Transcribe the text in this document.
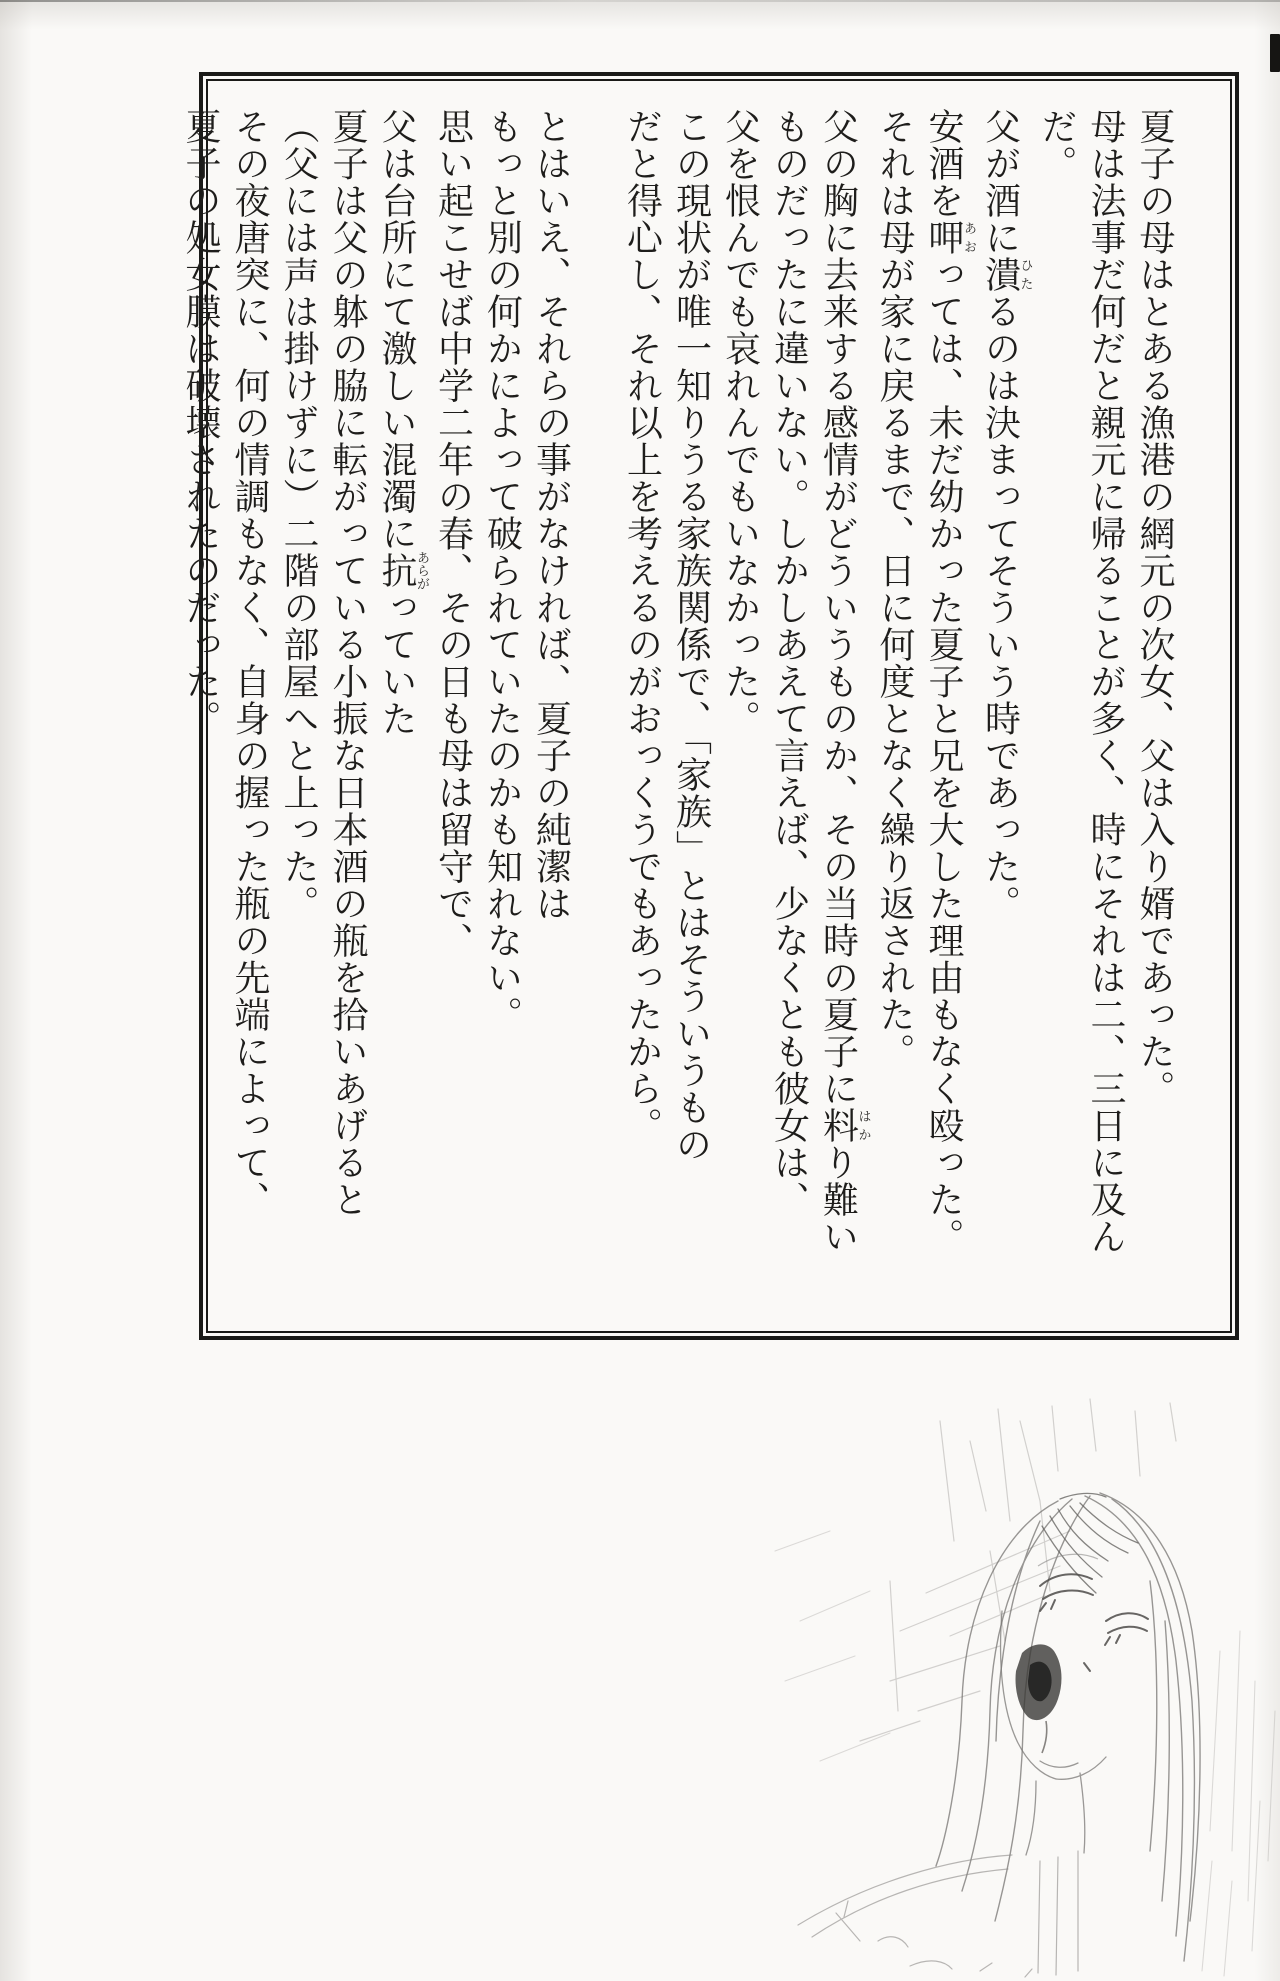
夏子の母はとある漁港の網元の次女、父は入り婿であった。

母は法事だ何だと親元に帰ることが多く、時にそれは二、三日に及んだ。

父が酒に潰ひたるのは決まってそういう時であった。

安酒を呷あおっては、未だ幼かった夏子と兄を大した理由もなく殴った。

それは母が家に戻るまで、日に何度となく繰り返された。

父の胸に去来する感情がどういうものか、その当時の夏子に料はかり難い

ものだったに違いない。しかしあえて言えば、少なくとも彼女は、

父を恨んでも哀れんでもいなかった。

この現状が唯一知りうる家族関係で、「家族」とはそういうもの

だと得心し、それ以上を考えるのがおっくうでもあったから。

とはいえ、それらの事がなければ、夏子の純潔は

もっと別の何かによって破られていたのかも知れない。

思い起こせば中学二年の春、その日も母は留守で、

父は台所にて激しい混濁に抗あらがっていた

夏子は父の躰の脇に転がっている小振な日本酒の瓶を拾いあげると

（父には声は掛けずに）二階の部屋へと上った。

その夜唐突に、何の情調もなく、自身の握った瓶の先端によって、

夏子の処女膜は破壊されたのだった。
